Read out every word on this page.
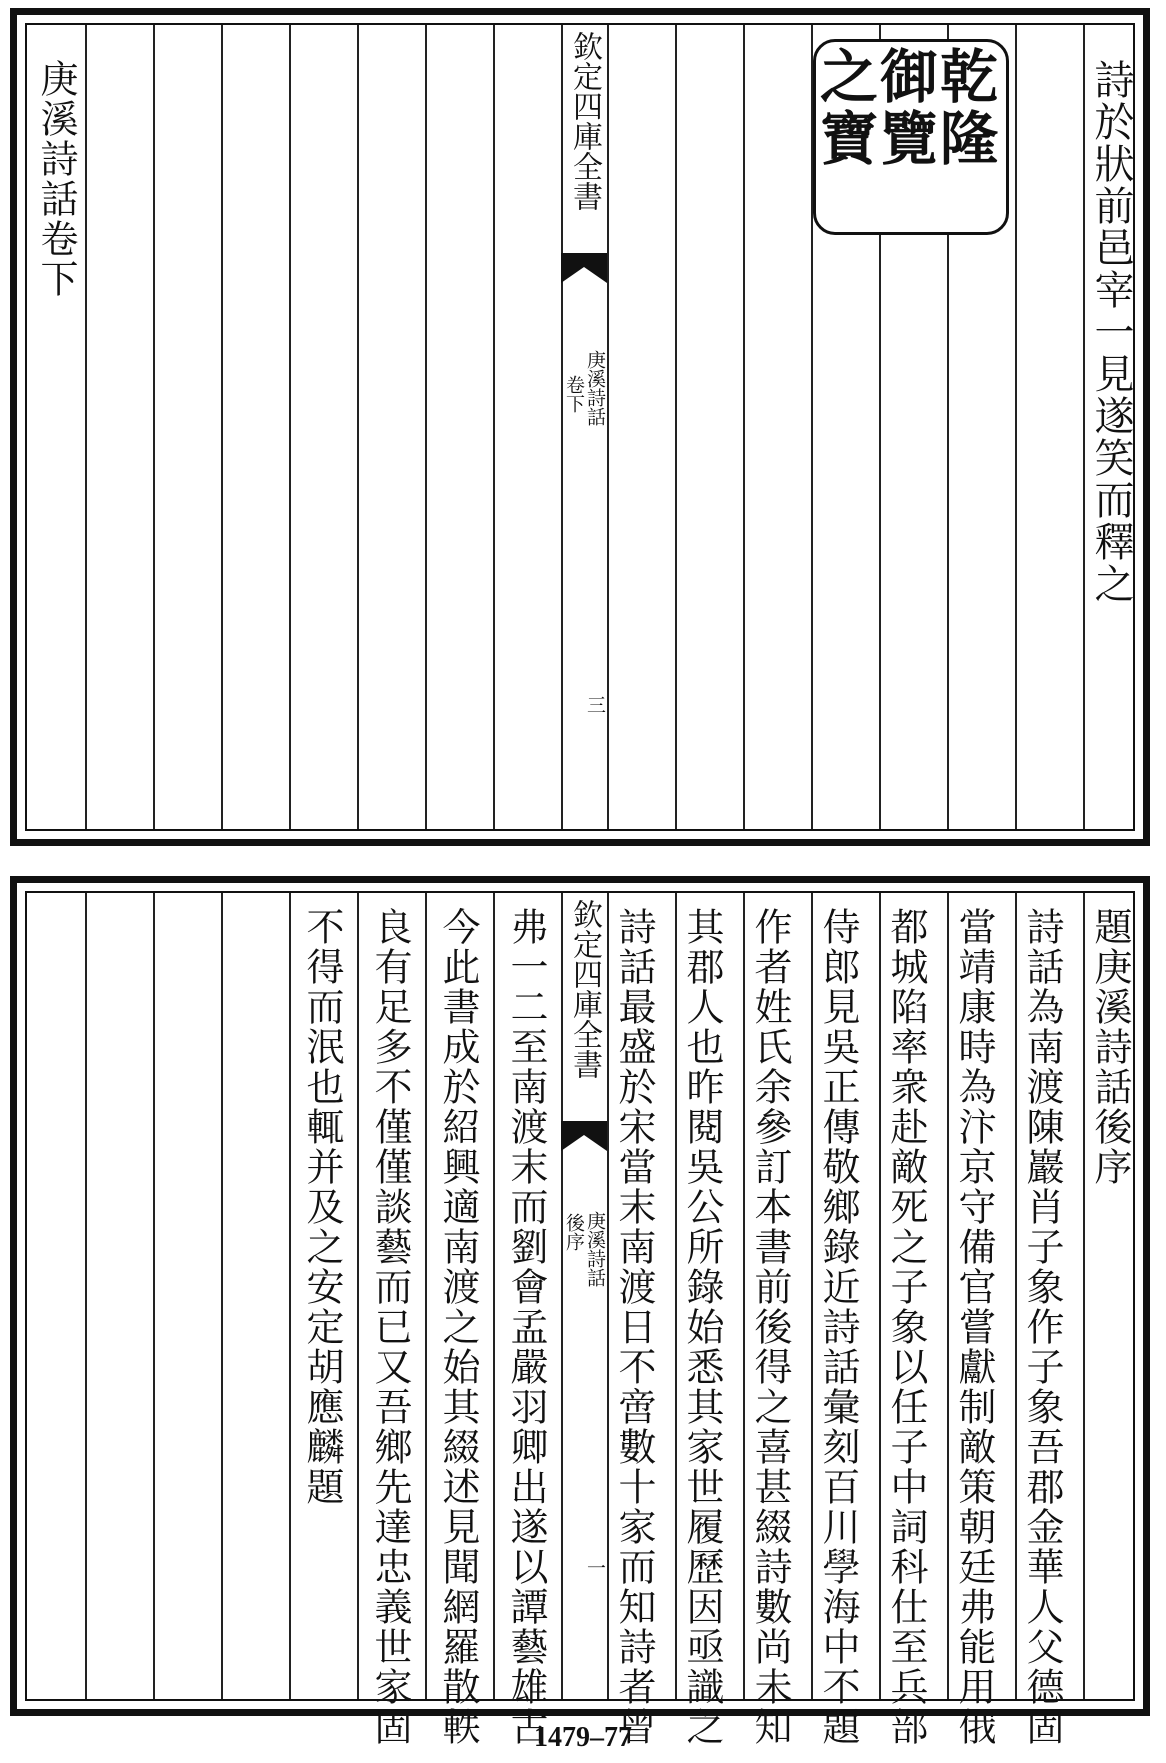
庚溪詩話卷下	欽定四庫全書
庚溪詩話
卷下
三
乾
隆
御
覽
之
寶	詩於狀前邑宰一見遂笑而釋之
弗一二至南渡末而劉會孟嚴羽卿出遂以譚藝雄古
今此書成於紹興適南渡之始其綴述見聞網羅散軼
良有足多不僅僅談藝而已又吾鄉先達忠義世家固
不得而泯也輒并及之安定胡應麟題	欽定四庫全書
庚溪詩話
後序
一
題庚溪詩話後序
詩話為南渡陳巖肖子象作子象吾郡金華人父德固
當靖康時為汴京守備官嘗獻制敵策朝廷弗能用俄
都城陷率衆赴敵死之子象以任子中詞科仕至兵部
侍郎見吳正傳敬鄉錄近詩話彙刻百川學海中不題
作者姓氏余參訂本書前後得之喜甚綴詩數尚未知
其郡人也昨閱吳公所錄始悉其家世履歷因亟識之
詩話最盛於宋當末南渡日不啻數十家而知詩者曾
1479–77
